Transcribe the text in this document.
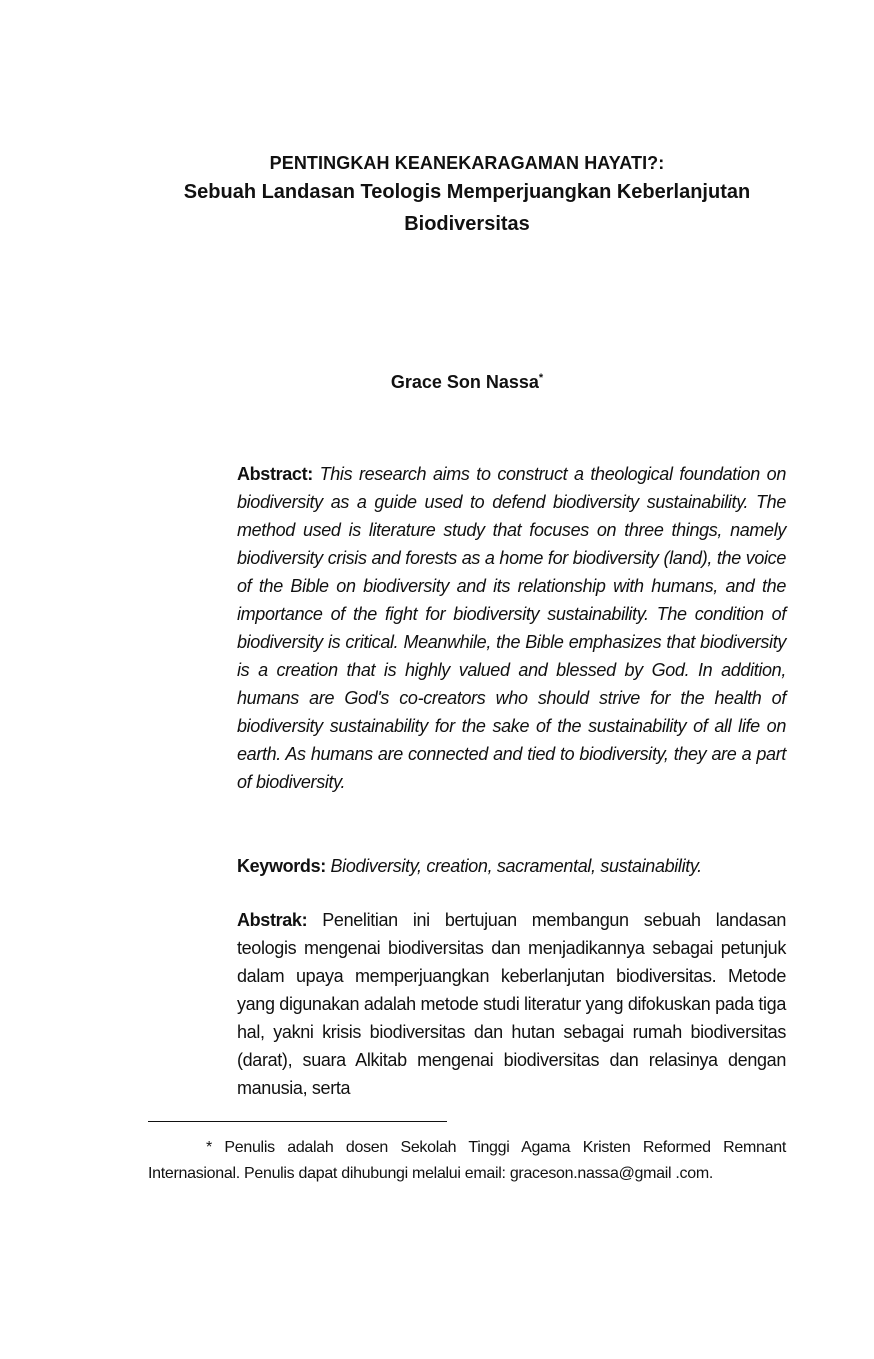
PENTINGKAH KEANEKARAGAMAN HAYATI?:
Sebuah Landasan Teologis Memperjuangkan Keberlanjutan Biodiversitas
Grace Son Nassa*
Abstract: This research aims to construct a theological foundation on biodiversity as a guide used to defend biodiversity sustainability. The method used is literature study that focuses on three things, namely biodiversity crisis and forests as a home for biodiversity (land), the voice of the Bible on biodiversity and its relationship with humans, and the importance of the fight for biodiversity sustainability. The condition of biodiversity is critical. Meanwhile, the Bible emphasizes that biodiversity is a creation that is highly valued and blessed by God. In addition, humans are God's co-creators who should strive for the health of biodiversity sustainability for the sake of the sustainability of all life on earth. As humans are connected and tied to biodiversity, they are a part of biodiversity.
Keywords: Biodiversity, creation, sacramental, sustainability.
Abstrak: Penelitian ini bertujuan membangun sebuah landasan teologis mengenai biodiversitas dan menjadikannya sebagai petunjuk dalam upaya memperjuangkan keberlanjutan biodiversitas. Metode yang digunakan adalah metode studi literatur yang difokuskan pada tiga hal, yakni krisis biodiversitas dan hutan sebagai rumah biodiversitas (darat), suara Alkitab mengenai biodiversitas dan relasinya dengan manusia, serta
* Penulis adalah dosen Sekolah Tinggi Agama Kristen Reformed Remnant Internasional. Penulis dapat dihubungi melalui email: graceson.nassa@gmail .com.
